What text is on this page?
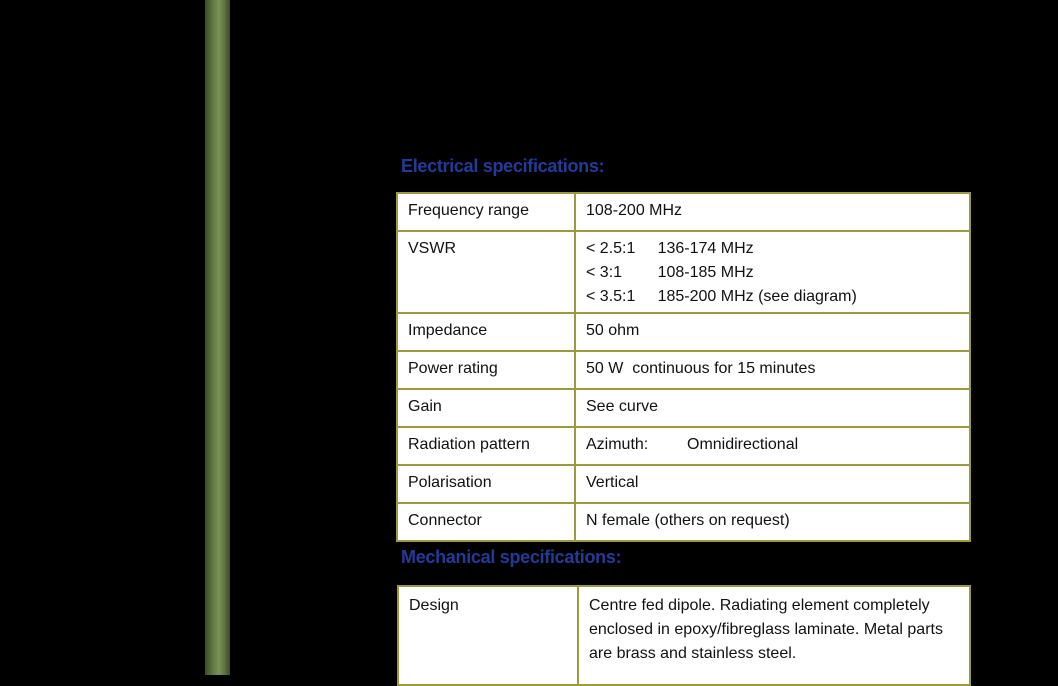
Electrical specifications:
Frequency range	108-200 MHz
VSWR	< 2.5:1     136-174 MHz
< 3:1        108-185 MHz
< 3.5:1     185-200 MHz (see diagram)

Impedance	50 ohm
Power rating	50 W  continuous for 15 minutes
Gain	See curve
Radiation pattern	Azimuth: Omnidirectional
Polarisation	Vertical
Connector	N female (others on request)
Mechanical specifications:
Design	Centre fed dipole. Radiating element completely enclosed in epoxy/fibreglass laminate. Metal parts are brass and stainless steel.
